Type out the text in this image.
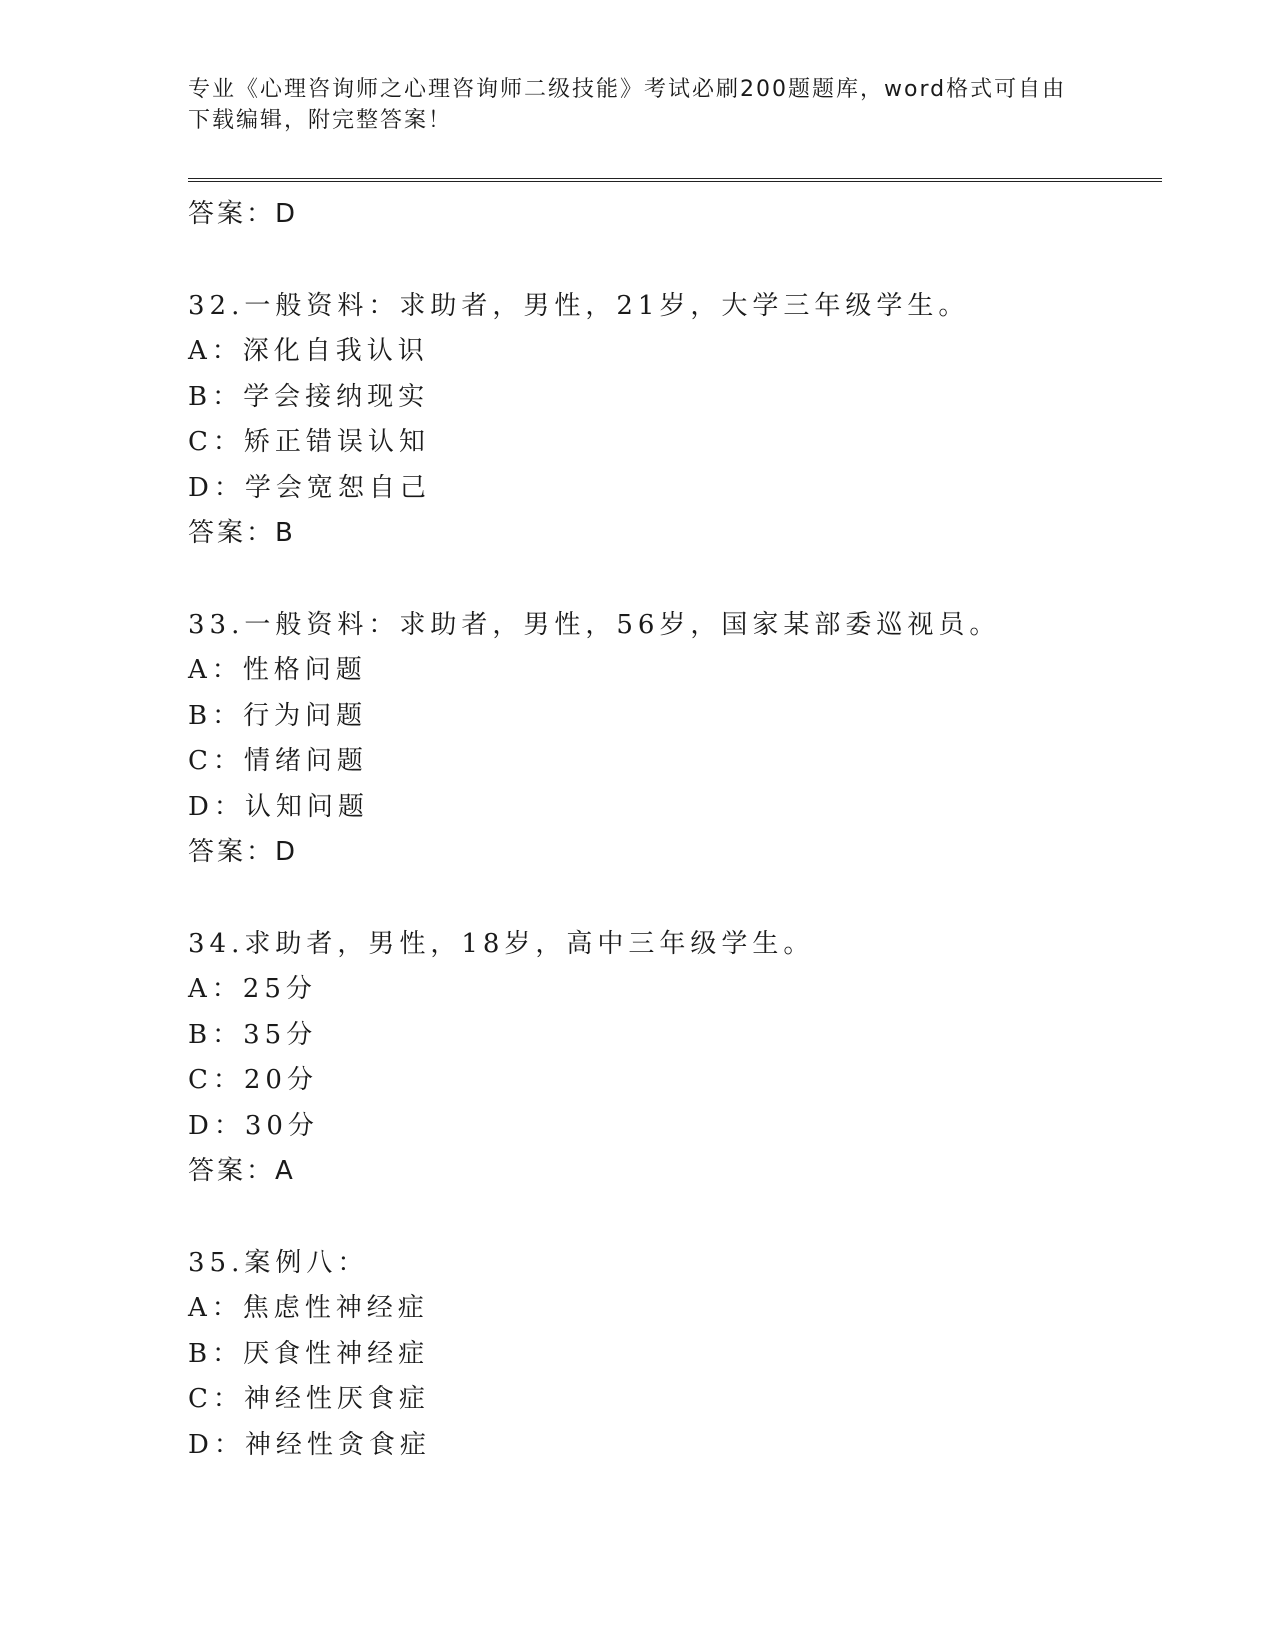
专业《心理咨询师之心理咨询师二级技能》考试必刷200题题库，word格式可自由下载编辑，附完整答案！
答案：D
32.一般资料：求助者，男性，21岁，大学三年级学生。
A：深化自我认识
B：学会接纳现实
C：矫正错误认知
D：学会宽恕自己
答案：B
33.一般资料：求助者，男性，56岁，国家某部委巡视员。
A：性格问题
B：行为问题
C：情绪问题
D：认知问题
答案：D
34.求助者，男性，18岁，高中三年级学生。
A：25分
B：35分
C：20分
D：30分
答案：A
35.案例八：
A：焦虑性神经症
B：厌食性神经症
C：神经性厌食症
D：神经性贪食症
